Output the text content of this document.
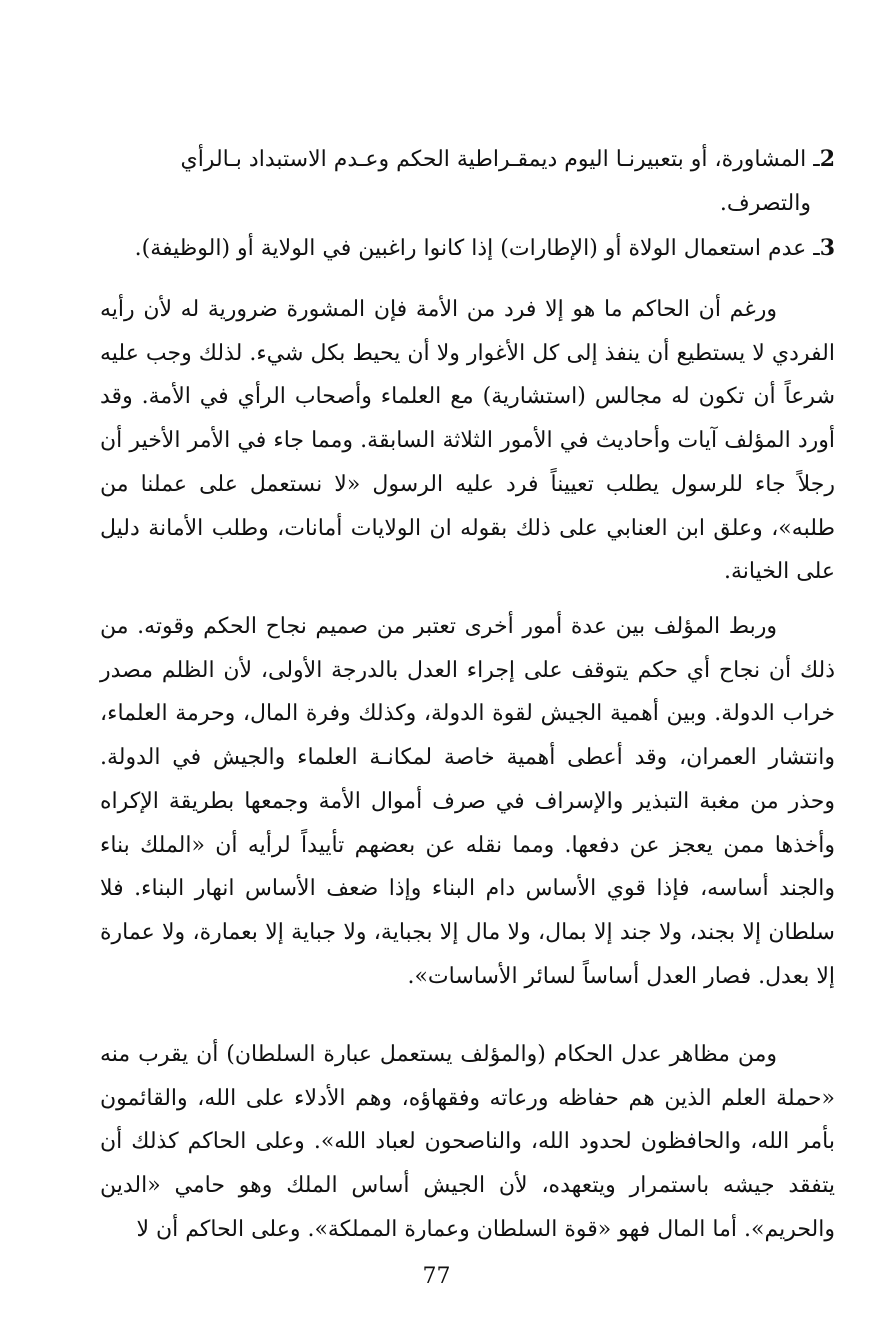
2ـ المشاورة، أو بتعبيرنـا اليوم ديمقـراطية الحكم وعـدم الاستبداد بـالرأي
والتصرف.
3ـ عدم استعمال الولاة أو (الإطارات) إذا كانوا راغبين في الولاية أو (الوظيفة).

ورغم أن الحاكم ما هو إلا فرد من الأمة فإن المشورة ضرورية له لأن رأيه الفردي لا يستطيع أن ينفذ إلى كل الأغوار ولا أن يحيط بكل شيء. لذلك وجب عليه شرعاً أن تكون له مجالس (استشارية) مع العلماء وأصحاب الرأي في الأمة. وقد أورد المؤلف آيات وأحاديث في الأمور الثلاثة السابقة. ومما جاء في الأمر الأخير أن رجلاً جاء للرسول يطلب تعييناً فرد عليه الرسول «لا نستعمل على عملنا من طلبه»، وعلق ابن العنابي على ذلك بقوله ان الولايات أمانات، وطلب الأمانة دليل على الخيانة.

وربط المؤلف بين عدة أمور أخرى تعتبر من صميم نجاح الحكم وقوته. من ذلك أن نجاح أي حكم يتوقف على إجراء العدل بالدرجة الأولى، لأن الظلم مصدر خراب الدولة. وبين أهمية الجيش لقوة الدولة، وكذلك وفرة المال، وحرمة العلماء، وانتشار العمران، وقد أعطى أهمية خاصة لمكانـة العلماء والجيش في الدولة. وحذر من مغبة التبذير والإسراف في صرف أموال الأمة وجمعها بطريقة الإكراه وأخذها ممن يعجز عن دفعها. ومما نقله عن بعضهم تأييداً لرأيه أن «الملك بناء والجند أساسه، فإذا قوي الأساس دام البناء وإذا ضعف الأساس انهار البناء. فلا سلطان إلا بجند، ولا جند إلا بمال، ولا مال إلا بجباية، ولا جباية إلا بعمارة، ولا عمارة إلا بعدل. فصار العدل أساساً لسائر الأساسات».

ومن مظاهر عدل الحكام (والمؤلف يستعمل عبارة السلطان) أن يقرب منه «حملة العلم الذين هم حفاظه ورعاته وفقهاؤه، وهم الأدلاء على الله، والقائمون بأمر الله، والحافظون لحدود الله، والناصحون لعباد الله». وعلى الحاكم كذلك أن يتفقد جيشه باستمرار ويتعهده، لأن الجيش أساس الملك وهو حامي «الدين والحريم». أما المال فهو «قوة السلطان وعمارة المملكة». وعلى الحاكم أن لا

77
